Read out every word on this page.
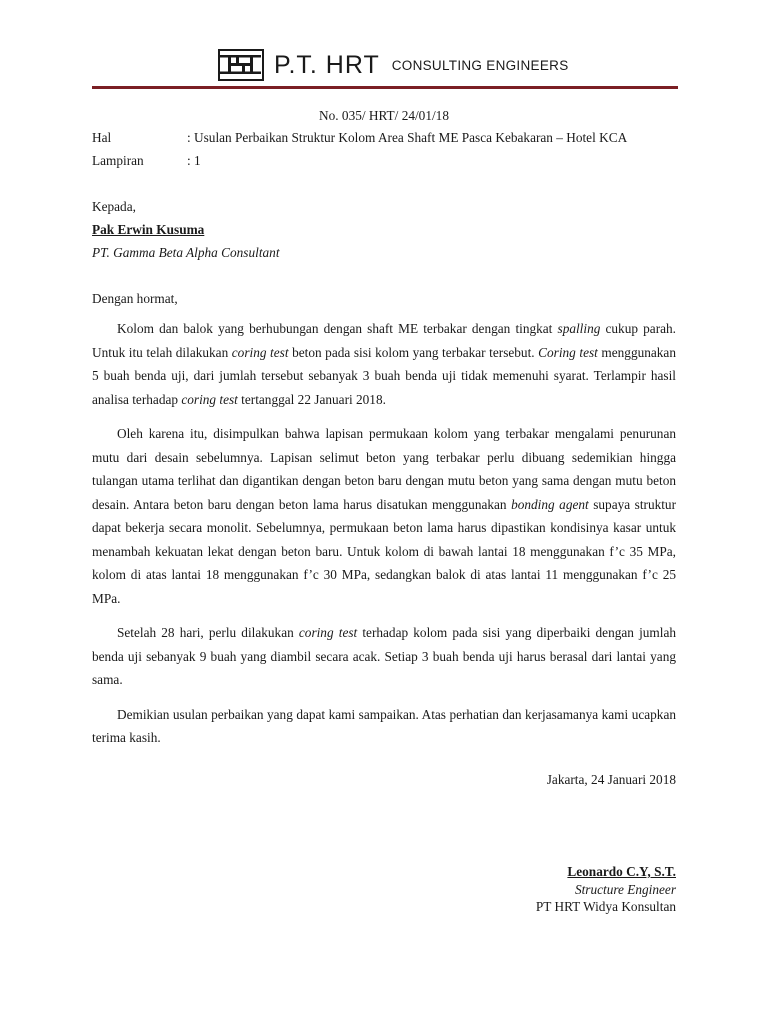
P.T. HRT CONSULTING ENGINEERS
No. 035/ HRT/ 24/01/18
Hal	: Usulan Perbaikan Struktur Kolom Area Shaft ME Pasca Kebakaran – Hotel KCA
Lampiran	: 1
Kepada,
Pak Erwin Kusuma
PT. Gamma Beta Alpha Consultant
Dengan hormat,

Kolom dan balok yang berhubungan dengan shaft ME terbakar dengan tingkat spalling cukup parah. Untuk itu telah dilakukan coring test beton pada sisi kolom yang terbakar tersebut. Coring test menggunakan 5 buah benda uji, dari jumlah tersebut sebanyak 3 buah benda uji tidak memenuhi syarat. Terlampir hasil analisa terhadap coring test tertanggal 22 Januari 2018.

Oleh karena itu, disimpulkan bahwa lapisan permukaan kolom yang terbakar mengalami penurunan mutu dari desain sebelumnya. Lapisan selimut beton yang terbakar perlu dibuang sedemikian hingga tulangan utama terlihat dan digantikan dengan beton baru dengan mutu beton yang sama dengan mutu beton desain. Antara beton baru dengan beton lama harus disatukan menggunakan bonding agent supaya struktur dapat bekerja secara monolit. Sebelumnya, permukaan beton lama harus dipastikan kondisinya kasar untuk menambah kekuatan lekat dengan beton baru. Untuk kolom di bawah lantai 18 menggunakan f’c 35 MPa, kolom di atas lantai 18 menggunakan f’c 30 MPa, sedangkan balok di atas lantai 11 menggunakan f’c 25 MPa.

Setelah 28 hari, perlu dilakukan coring test terhadap kolom pada sisi yang diperbaiki dengan jumlah benda uji sebanyak 9 buah yang diambil secara acak. Setiap 3 buah benda uji harus berasal dari lantai yang sama.

Demikian usulan perbaikan yang dapat kami sampaikan. Atas perhatian dan kerjasamanya kami ucapkan terima kasih.

Jakarta, 24 Januari 2018
Leonardo C.Y, S.T.
Structure Engineer
PT HRT Widya Konsultan
